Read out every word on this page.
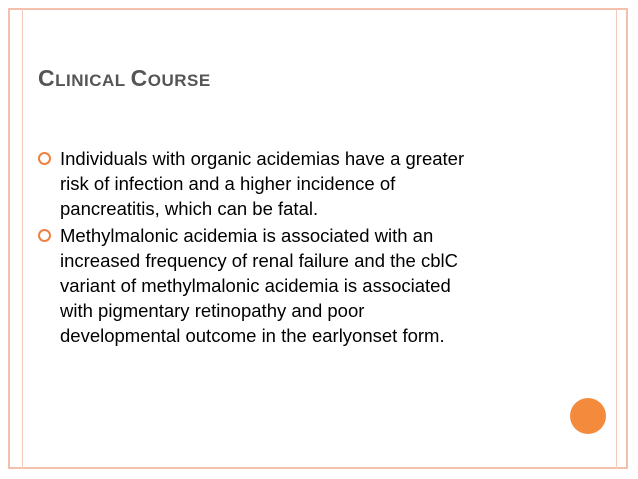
CLINICAL COURSE
Individuals with organic acidemias have a greater
risk of infection and a higher incidence of
pancreatitis, which can be fatal.
Methylmalonic acidemia is associated with an
increased frequency of renal failure and the cblC
variant of methylmalonic acidemia is associated
with pigmentary retinopathy and poor
developmental outcome in the earlyonset form.
